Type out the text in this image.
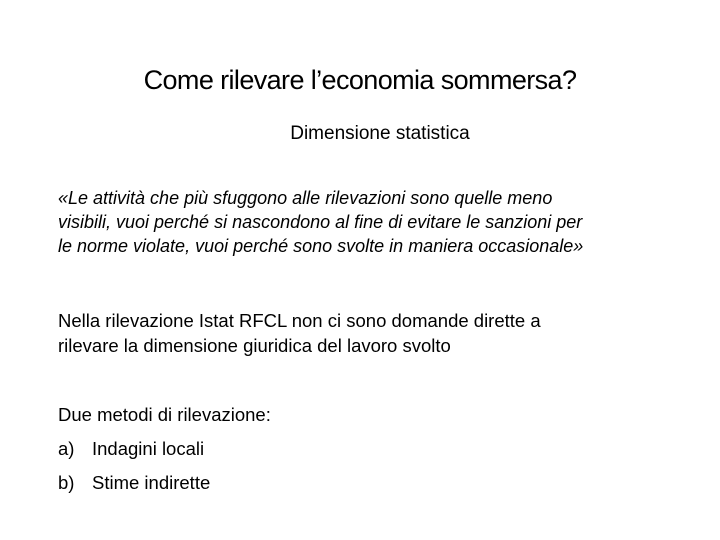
Come rilevare l’economia sommersa?
Dimensione statistica
«Le attività che più sfuggono alle rilevazioni sono quelle meno
visibili, vuoi perché si nascondono al fine di evitare le sanzioni per
le norme violate, vuoi perché sono svolte in maniera occasionale»
Nella rilevazione Istat RFCL non ci sono domande dirette a
rilevare la dimensione giuridica del lavoro svolto
Due metodi di rilevazione:
a) Indagini locali
b) Stime indirette
